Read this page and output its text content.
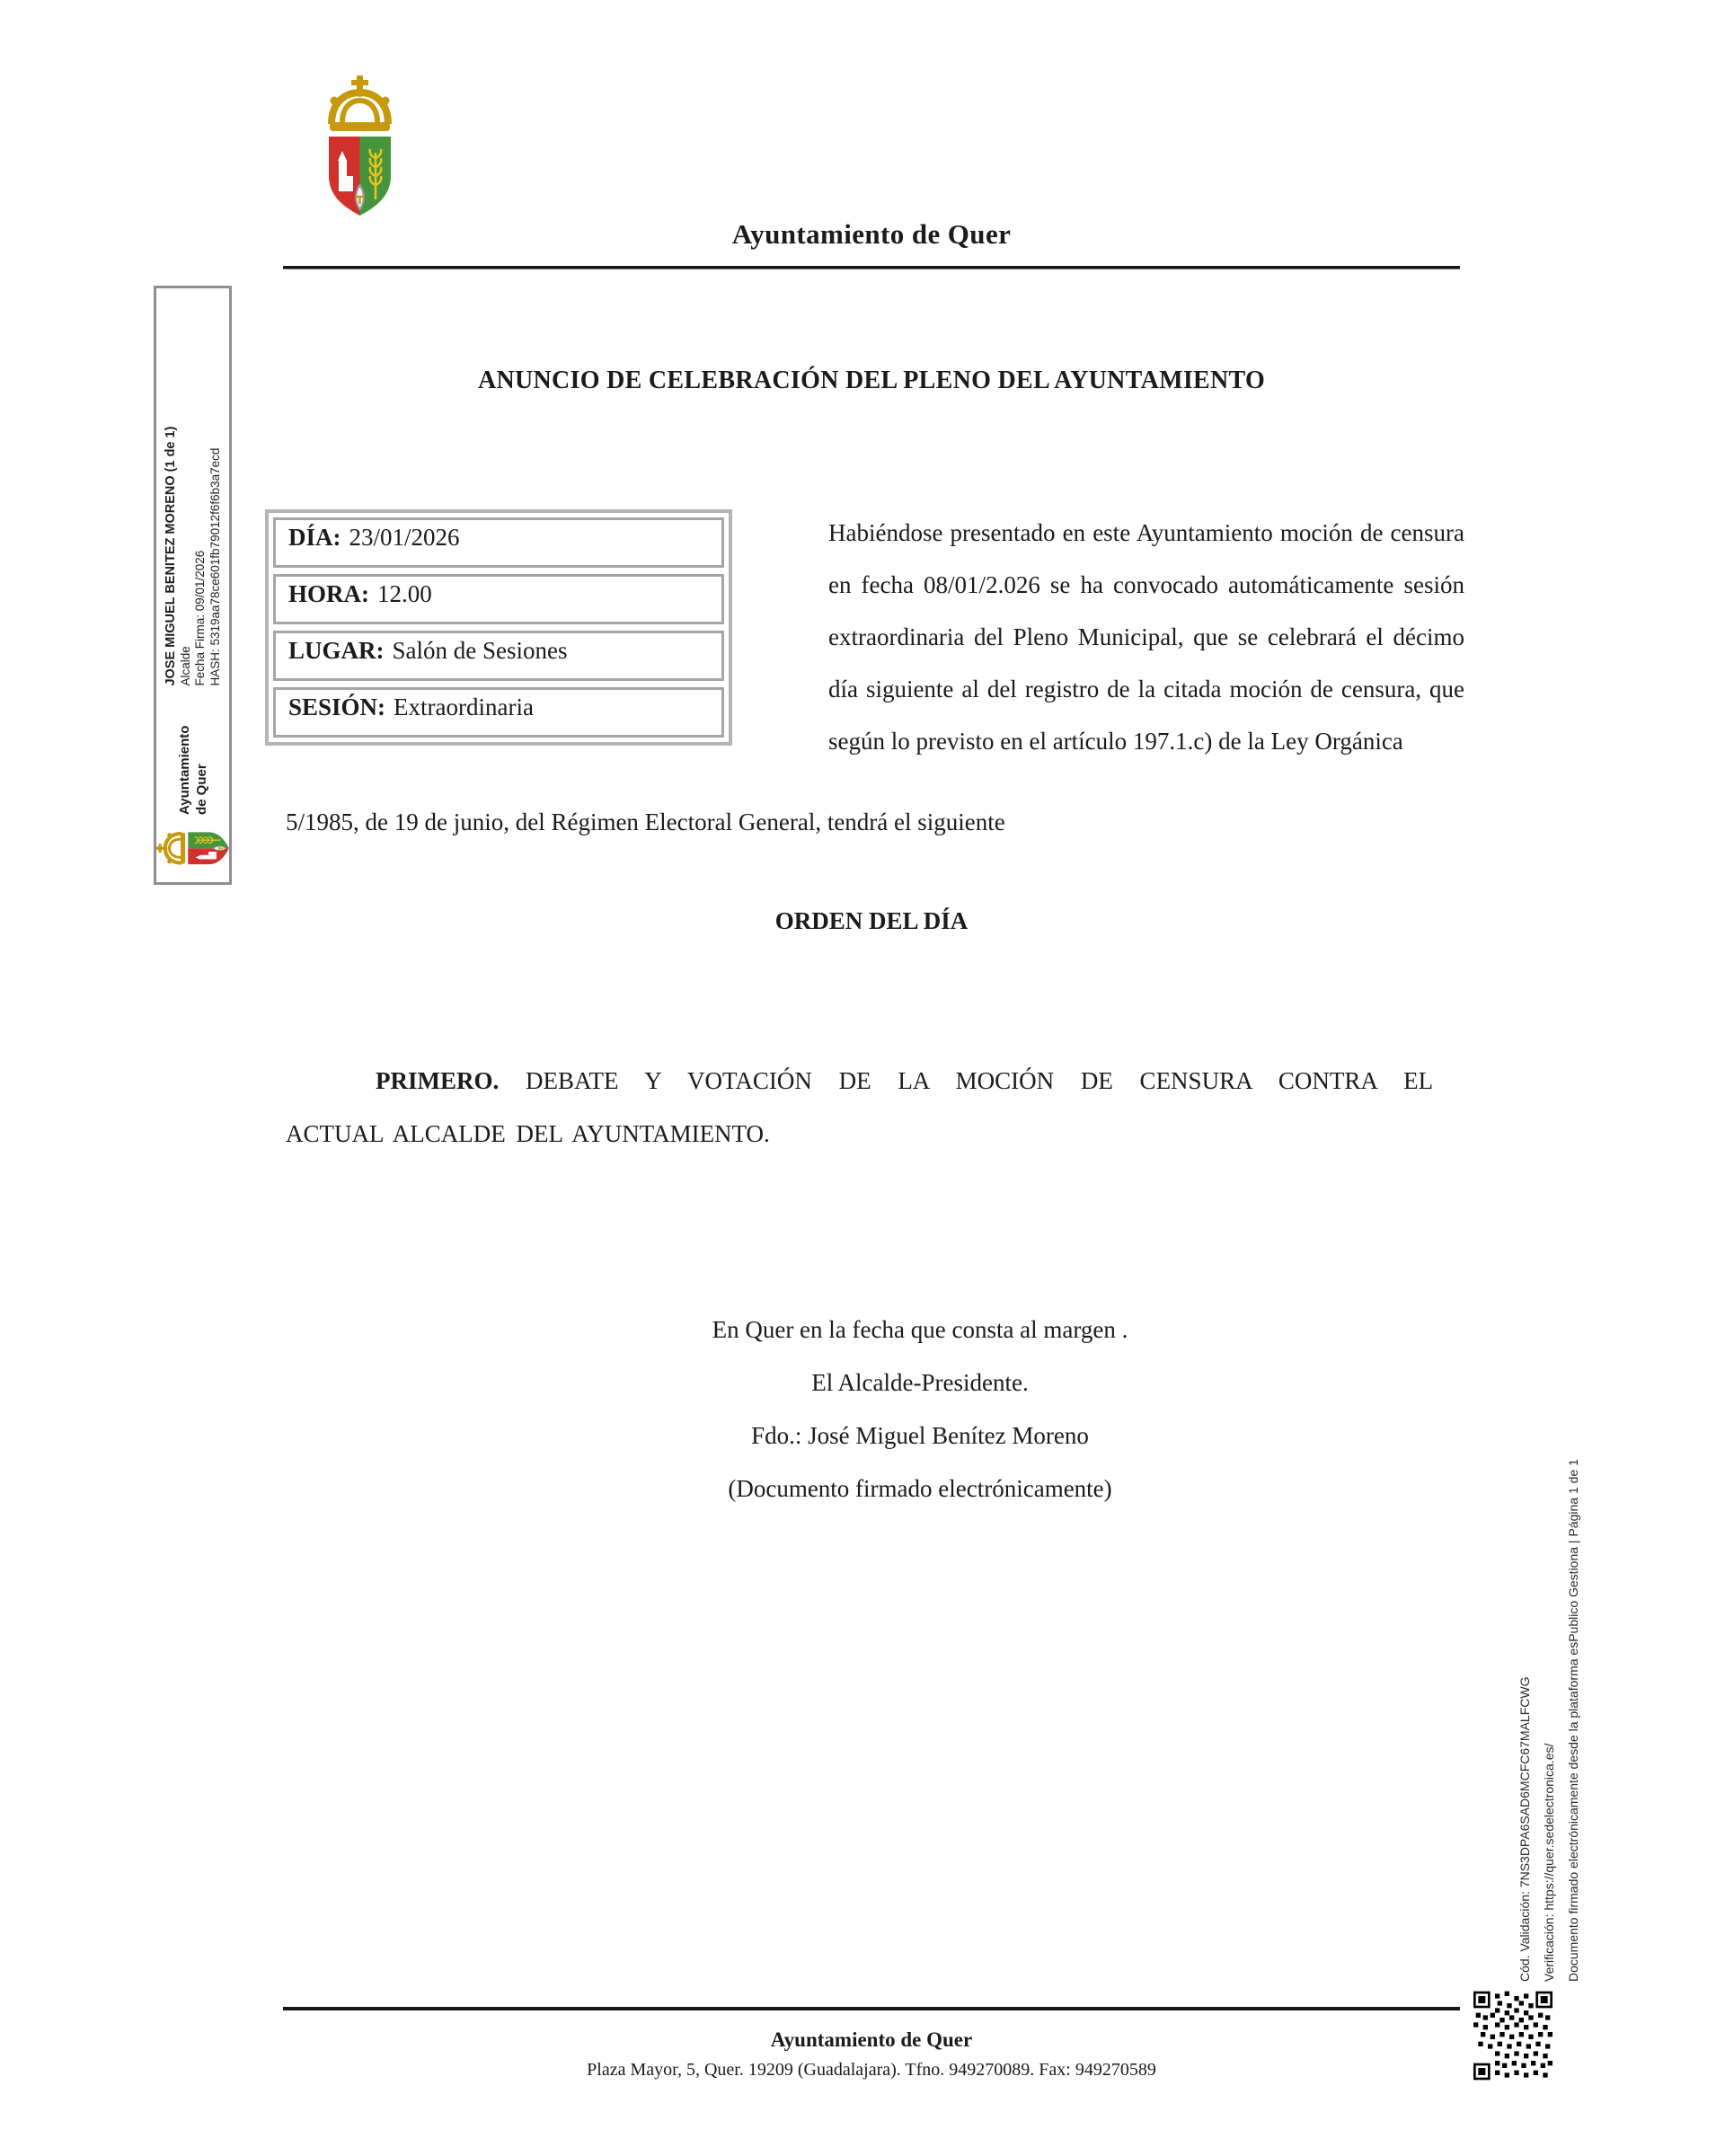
Ayuntamiento de Quer
Ayuntamiento de Quer
JOSE MIGUEL BENITEZ MORENO (1 de 1) Alcalde Fecha Firma: 09/01/2026 HASH: 5319aa78ce601fb79012f6f6b3a7ecd
ANUNCIO DE CELEBRACIÓN DEL PLENO DEL AYUNTAMIENTO
DÍA: 23/01/2026
HORA: 12.00
LUGAR: Salón de Sesiones
SESIÓN: Extraordinaria
Habiéndose presentado en este Ayuntamiento moción de censura en fecha 08/01/2.026 se ha convocado automáticamente sesión extraordinaria del Pleno Municipal, que se celebrará el décimo día siguiente al del registro de la citada moción de censura, que según lo previsto en el artículo 197.1.c) de la Ley Orgánica
5/1985, de 19 de junio, del Régimen Electoral General, tendrá el siguiente
ORDEN DEL DÍA
PRIMERO. DEBATE Y VOTACIÓN DE LA MOCIÓN DE CENSURA CONTRA EL
ACTUAL ALCALDE DEL AYUNTAMIENTO.
En Quer en la fecha que consta al margen .
El Alcalde-Presidente.
Fdo.: José Miguel Benítez Moreno
(Documento firmado electrónicamente)
Cód. Validación: 7NS3DPA6SAD6MCFC67MALFCWG Verificación: https://quer.sedelectronica.es/ Documento firmado electrónicamente desde la plataforma esPublico Gestiona | Página 1 de 1
Ayuntamiento de Quer
Plaza Mayor, 5, Quer. 19209 (Guadalajara). Tfno. 949270089. Fax: 949270589
